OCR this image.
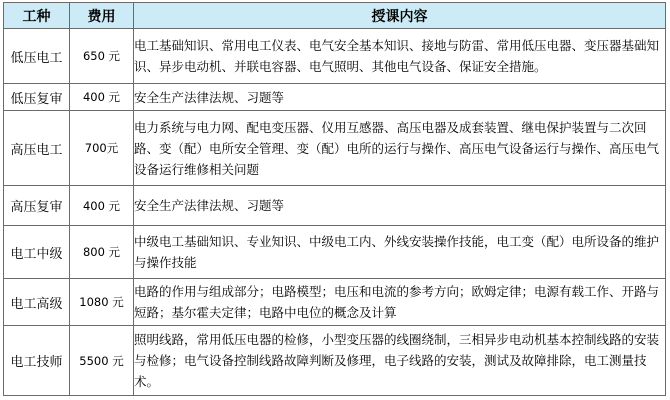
工种	费用	授课内容
低压电工	650 元	电工基础知识、常用电工仪表、电气安全基本知识、接地与防雷、常用低压电器、变压器基础知识、异步电动机、并联电容器、电气照明、其他电气设备、保证安全措施。
低压复审	400 元	安全生产法律法规、习题等
高压电工	700元	电力系统与电力网、配电变压器、仪用互感器、高压电器及成套装置、继电保护装置与二次回路、变（配）电所安全管理、变（配）电所的运行与操作、高压电气设备运行与操作、高压电气设备运行维修相关问题
高压复审	400 元	安全生产法律法规、习题等
电工中级	800 元	中级电工基础知识、专业知识、中级电工内、外线安装操作技能，电工变（配）电所设备的维护与操作技能
电工高级	1080 元	电路的作用与组成部分；电路模型；电压和电流的参考方向；欧姆定律；电源有载工作、开路与短路；基尔霍夫定律；电路中电位的概念及计算
电工技师	5500 元	照明线路，常用低压电器的检修，小型变压器的线圈绕制，三相异步电动机基本控制线路的安装与检修；电气设备控制线路故障判断及修理，电子线路的安装，测试及故障排除，电工测量技术。
